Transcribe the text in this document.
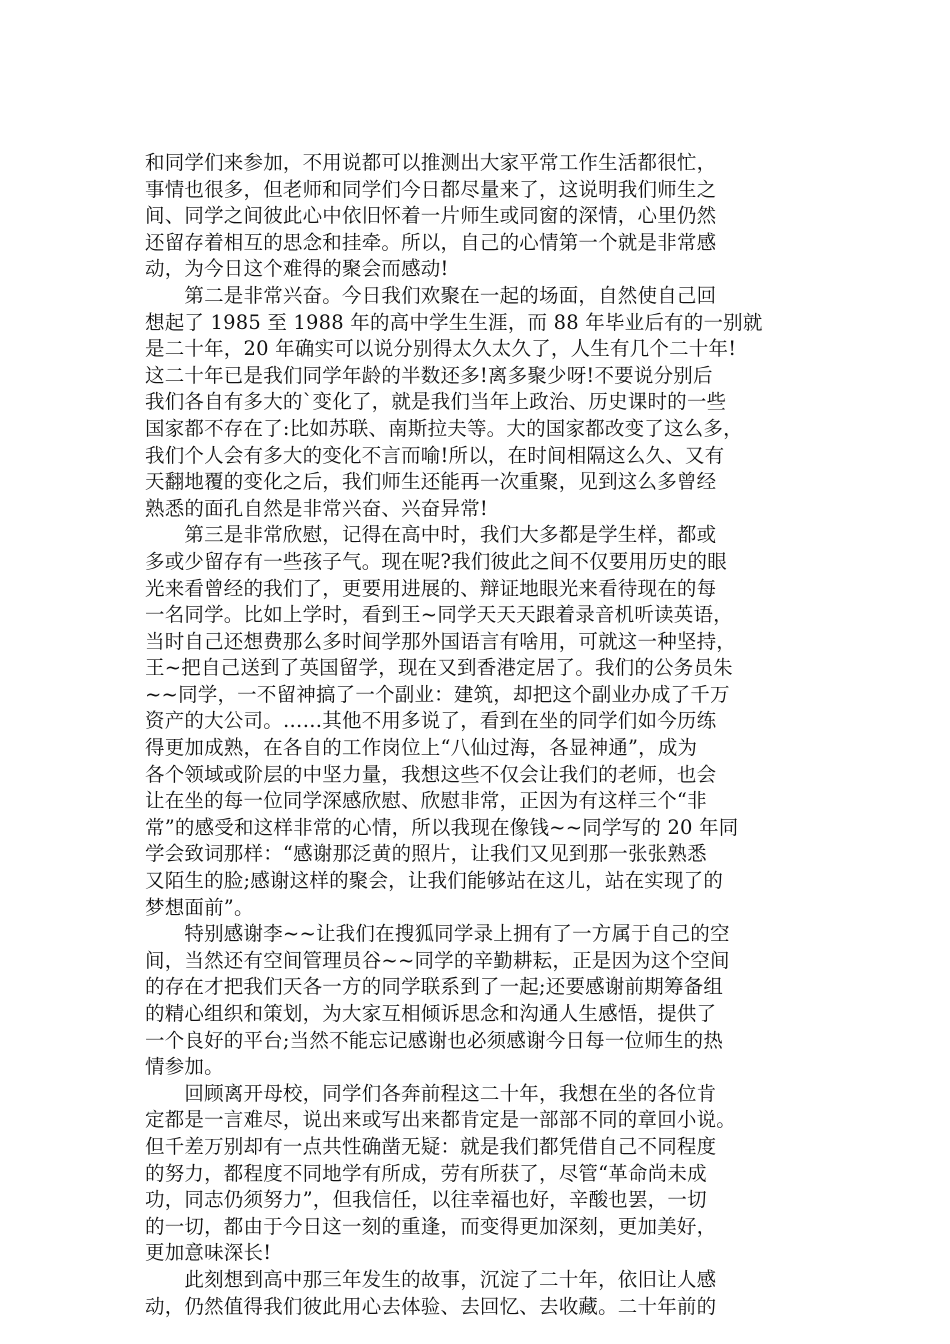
和同学们来参加，不用说都可以推测出大家平常工作生活都很忙，
事情也很多，但老师和同学们今日都尽量来了，这说明我们师生之
间、同学之间彼此心中依旧怀着一片师生或同窗的深情，心里仍然
还留存着相互的思念和挂牵。所以，自己的心情第一个就是非常感
动，为今日这个难得的聚会而感动!
　　第二是非常兴奋。今日我们欢聚在一起的场面，自然使自己回
想起了 1985 至 1988 年的高中学生生涯，而 88 年毕业后有的一别就
是二十年，20 年确实可以说分别得太久太久了，人生有几个二十年!
这二十年已是我们同学年龄的半数还多!离多聚少呀!不要说分别后
我们各自有多大的`变化了，就是我们当年上政治、历史课时的一些
国家都不存在了:比如苏联、南斯拉夫等。大的国家都改变了这么多，
我们个人会有多大的变化不言而喻!所以，在时间相隔这么久、又有
天翻地覆的变化之后，我们师生还能再一次重聚，见到这么多曾经
熟悉的面孔自然是非常兴奋、兴奋异常!
　　第三是非常欣慰，记得在高中时，我们大多都是学生样，都或
多或少留存有一些孩子气。现在呢?我们彼此之间不仅要用历史的眼
光来看曾经的我们了，更要用进展的、辩证地眼光来看待现在的每
一名同学。比如上学时，看到王~同学天天天跟着录音机听读英语，
当时自己还想费那么多时间学那外国语言有啥用，可就这一种坚持，
王~把自己送到了英国留学，现在又到香港定居了。我们的公务员朱
~~同学，一不留神搞了一个副业：建筑，却把这个副业办成了千万
资产的大公司。……其他不用多说了，看到在坐的同学们如今历练
得更加成熟，在各自的工作岗位上“八仙过海，各显神通”，成为
各个领域或阶层的中坚力量，我想这些不仅会让我们的老师，也会
让在坐的每一位同学深感欣慰、欣慰非常，正因为有这样三个“非
常”的感受和这样非常的心情，所以我现在像钱~~同学写的 20 年同
学会致词那样：“感谢那泛黄的照片，让我们又见到那一张张熟悉
又陌生的脸;感谢这样的聚会，让我们能够站在这儿，站在实现了的
梦想面前”。
　　特别感谢李~~让我们在搜狐同学录上拥有了一方属于自己的空
间，当然还有空间管理员谷~~同学的辛勤耕耘，正是因为这个空间
的存在才把我们天各一方的同学联系到了一起;还要感谢前期筹备组
的精心组织和策划，为大家互相倾诉思念和沟通人生感悟，提供了
一个良好的平台;当然不能忘记感谢也必须感谢今日每一位师生的热
情参加。
　　回顾离开母校，同学们各奔前程这二十年，我想在坐的各位肯
定都是一言难尽，说出来或写出来都肯定是一部部不同的章回小说。
但千差万别却有一点共性确凿无疑：就是我们都凭借自己不同程度
的努力，都程度不同地学有所成，劳有所获了，尽管“革命尚未成
功，同志仍须努力”，但我信任，以往幸福也好，辛酸也罢，一切
的一切，都由于今日这一刻的重逢，而变得更加深刻，更加美好，
更加意味深长!
　　此刻想到高中那三年发生的故事，沉淀了二十年，依旧让人感
动，仍然值得我们彼此用心去体验、去回忆、去收藏。二十年前的
